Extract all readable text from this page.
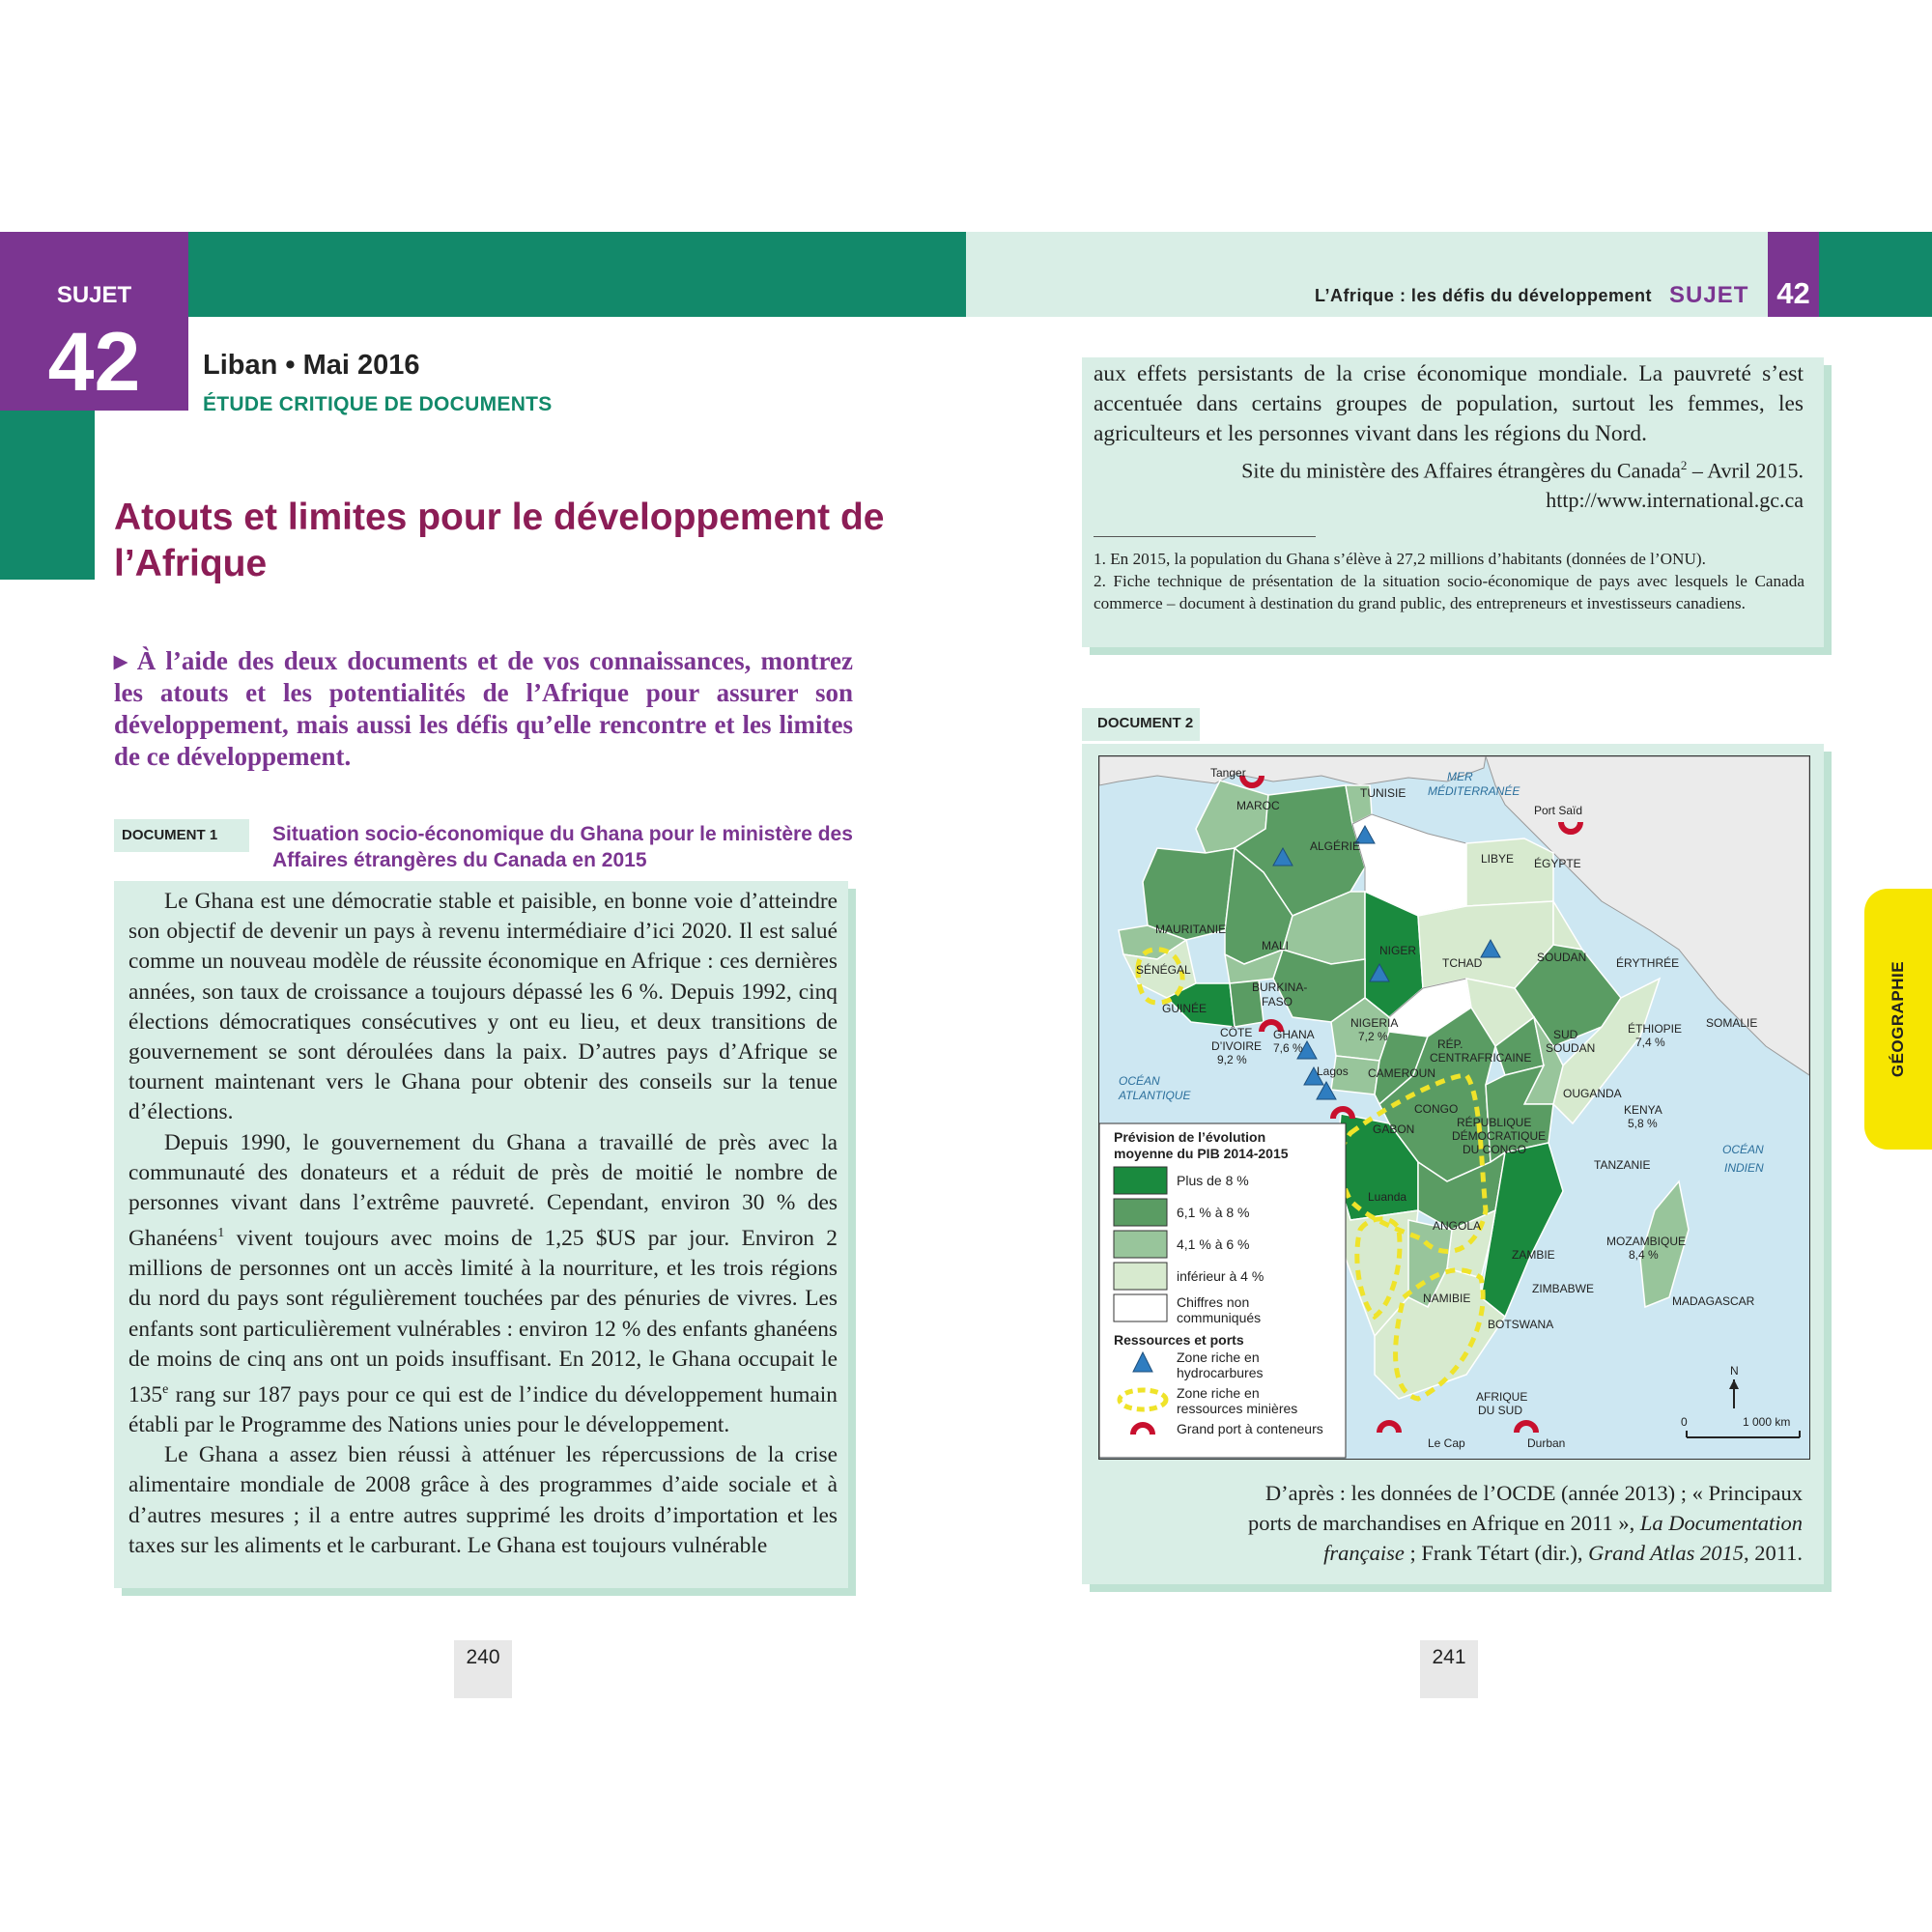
SUJET
42	Liban • Mai 2016
ÉTUDE CRITIQUE DE DOCUMENTS
Atouts et limites pour le développement de l’Afrique
▸ À l’aide des deux documents et de vos connaissances, montrez les atouts et les potentialités de l’Afrique pour assurer son développement, mais aussi les défis qu’elle rencontre et les limites de ce développement.
DOCUMENT 1	Situation socio-économique du Ghana pour le ministère des Affaires étrangères du Canada en 2015

Le Ghana est une démocratie stable et paisible, en bonne voie d’atteindre son objectif de devenir un pays à revenu intermédiaire d’ici 2020. Il est salué comme un nouveau modèle de réussite économique en Afrique : ces dernières années, son taux de croissance a toujours dépassé les 6 %. Depuis 1992, cinq élections démocratiques consécutives y ont eu lieu, et deux transitions de gouvernement se sont déroulées dans la paix. D’autres pays d’Afrique se tournent maintenant vers le Ghana pour obtenir des conseils sur la tenue d’élections.

Depuis 1990, le gouvernement du Ghana a travaillé de près avec la communauté des donateurs et a réduit de près de moitié le nombre de personnes vivant dans l’extrême pauvreté. Cependant, environ 30 % des Ghanéens$^1$ vivent toujours avec moins de 1,25 $US par jour. Environ 2 millions de personnes ont un accès limité à la nourriture, et les trois régions du nord du pays sont régulièrement touchées par des pénuries de vivres. Les enfants sont particulièrement vulnérables : environ 12 % des enfants ghanéens de moins de cinq ans ont un poids insuffisant. En 2012, le Ghana occupait le 135e rang sur 187 pays pour ce qui est de l’indice du développement humain établi par le Programme des Nations unies pour le développement.

Le Ghana a assez bien réussi à atténuer les répercussions de la crise alimentaire mondiale de 2008 grâce à des programmes d’aide sociale et à d’autres mesures ; il a entre autres supprimé les droits d’importation et les taxes sur les aliments et le carburant. Le Ghana est toujours vulnérable

240
42
L’Afrique : les défis du développement SUJET
aux effets persistants de la crise économique mondiale. La pauvreté s’est accentuée dans certains groupes de population, surtout les femmes, les agriculteurs et les personnes vivant dans les régions du Nord.
Site du ministère des Affaires étrangères du Canada$^2$ – Avril 2015.
http://www.international.gc.ca

1. En 2015, la population du Ghana s’élève à 27,2 millions d’habitants (données de l’ONU).

2. Fiche technique de présentation de la situation socio-économique de pays avec lesquels le Canada commerce – document à destination du grand public, des entrepreneurs et investisseurs canadiens.

DOCUMENT 2
MAROC
TUNISIE
ALGÉRIE
LIBYE ÉGYPTE
MAURITANIE
MALI	NIGER
TCHAD	SOUDAN	ÉRYTHRÉE
SÉNÉGAL
GUINÉE
BURKINA-
FASO
CÔTE
D’IVOIRE
9,2 %
GHANA
7,6 %
NIGERIA
7,2 %
RÉP.
CENTRAFRICAINE
SUD
SOUDAN
ÉTHIOPIE
7,4 %
SOMALIE
CAMEROUN
GABON
CONGO
RÉPUBLIQUE
DÉMOCRATIQUE
DU CONGO
OUGANDA
KENYA
5,8 %
TANZANIE
ANGOLA
ZAMBIE
MOZAMBIQUE
8,4 %
MADAGASCAR
NAMIBIE
ZIMBABWE
BOTSWANA
AFRIQUE
DU SUD
Tanger
Port Saïd
Lagos
Luanda
Le Cap	Durban
MER
MÉDITERRANÉE
OCÉAN
ATLANTIQUE
OCÉAN
INDIEN
Prévision de l’évolution
moyenne du PIB 2014-2015
Plus de 8 %
6,1 % à 8 %
4,1 % à 6 %
inférieur à 4 %
Chiffres non
communiqués
Ressources et ports
Zone riche en
hydrocarbures
Zone riche en
ressources minières
Grand port à conteneurs
N
0	1 000 km
D’après : les données de l’OCDE (année 2013) ; « Principaux
ports de marchandises en Afrique en 2011 », La Documentation
française ; Frank Tétart (dir.), Grand Atlas 2015, 2011.
GÉOGRAPHIE
241
